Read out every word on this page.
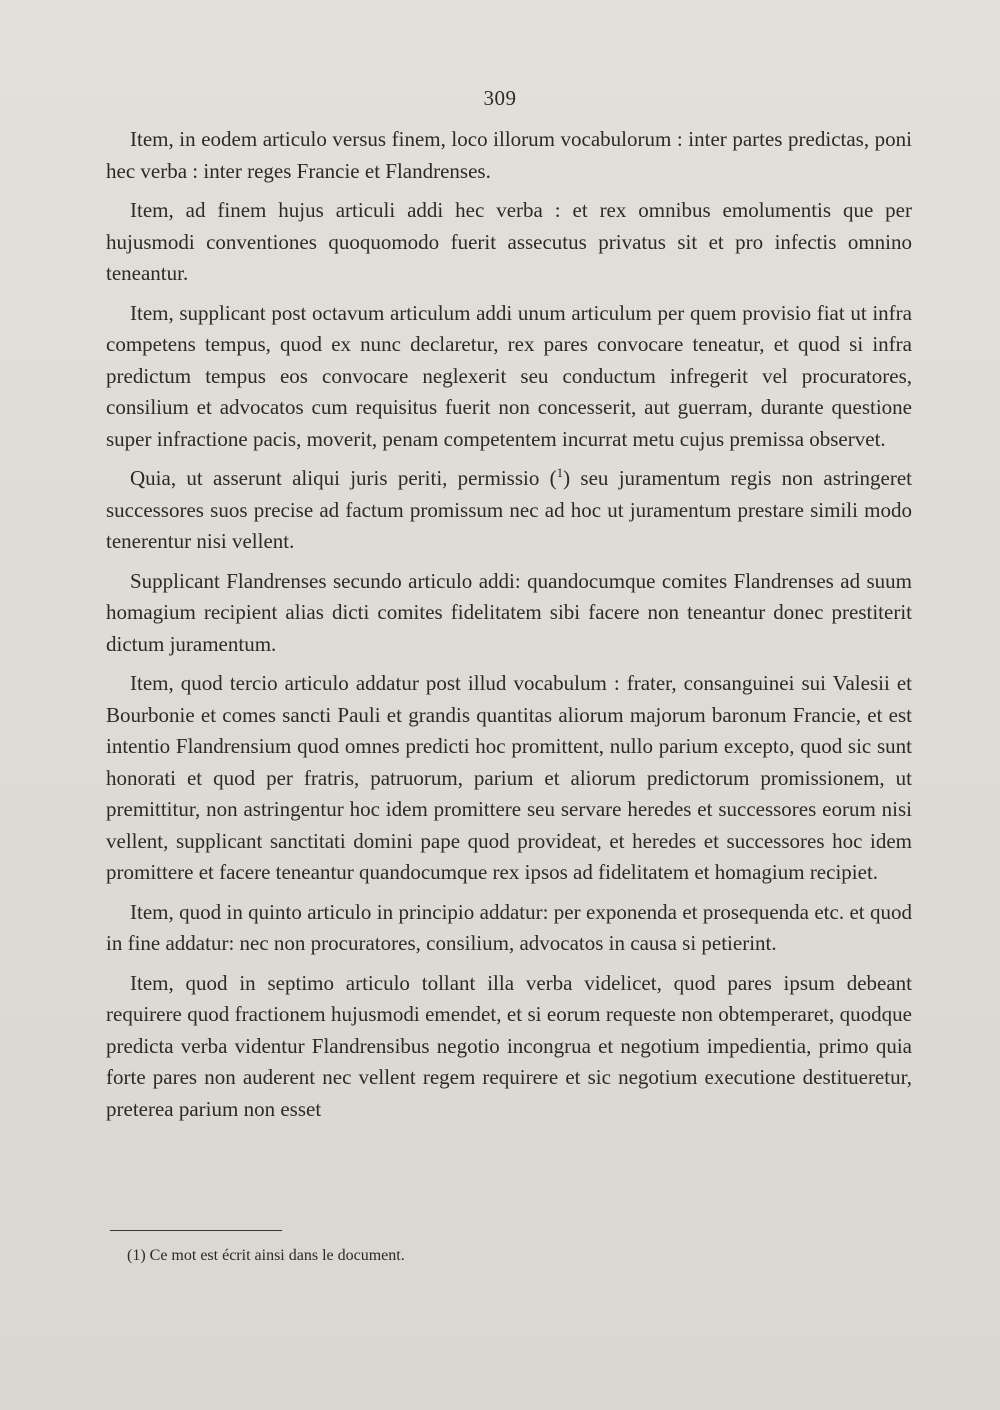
309

Item, in eodem articulo versus finem, loco illorum vocabulorum : inter partes predictas, poni hec verba : inter reges Francie et Flandrenses.

Item, ad finem hujus articuli addi hec verba : et rex omnibus emolumentis que per hujusmodi conventiones quoquomodo fuerit assecutus privatus sit et pro infectis omnino teneantur.

Item, supplicant post octavum articulum addi unum articulum per quem provisio fiat ut infra competens tempus, quod ex nunc declaretur, rex pares convocare teneatur, et quod si infra predictum tempus eos convocare neglexerit seu conductum infregerit vel procuratores, consilium et advocatos cum requisitus fuerit non concesserit, aut guerram, durante questione super infractione pacis, moverit, penam competentem incurrat metu cujus premissa observet.

Quia, ut asserunt aliqui juris periti, permissio ($^1$) seu juramentum regis non astringeret successores suos precise ad factum promissum nec ad hoc ut juramentum prestare simili modo tenerentur nisi vellent.

Supplicant Flandrenses secundo articulo addi: quandocumque comites Flandrenses ad suum homagium recipient alias dicti comites fidelitatem sibi facere non teneantur donec prestiterit dictum juramentum.

Item, quod tercio articulo addatur post illud vocabulum : frater, consanguinei sui Valesii et Bourbonie et comes sancti Pauli et grandis quantitas aliorum majorum baronum Francie, et est intentio Flandrensium quod omnes predicti hoc promittent, nullo parium excepto, quod sic sunt honorati et quod per fratris, patruorum, parium et aliorum predictorum promissionem, ut premittitur, non astringentur hoc idem promittere seu servare heredes et successores eorum nisi vellent, supplicant sanctitati domini pape quod provideat, et heredes et successores hoc idem promittere et facere teneantur quandocumque rex ipsos ad fidelitatem et homagium recipiet.

Item, quod in quinto articulo in principio addatur: per exponenda et prosequenda etc. et quod in fine addatur: nec non procuratores, consilium, advocatos in causa si petierint.

Item, quod in septimo articulo tollant illa verba videlicet, quod pares ipsum debeant requirere quod fractionem hujusmodi emendet, et si eorum requeste non obtemperaret, quodque predicta verba videntur Flandrensibus negotio incongrua et negotium impedientia, primo quia forte pares non auderent nec vellent regem requirere et sic negotium executione destitueretur, preterea parium non esset

(1) Ce mot est écrit ainsi dans le document.
